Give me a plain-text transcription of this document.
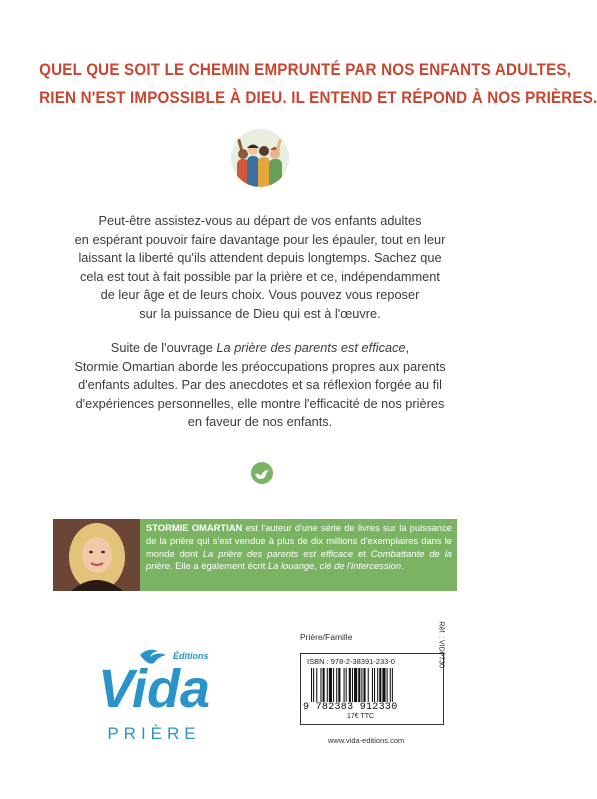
QUEL QUE SOIT LE CHEMIN EMPRUNTÉ PAR NOS ENFANTS ADULTES,
RIEN N'EST IMPOSSIBLE À DIEU. IL ENTEND ET RÉPOND À NOS PRIÈRES.
Peut-être assistez-vous au départ de vos enfants adultes
en espérant pouvoir faire davantage pour les épauler, tout en leur
laissant la liberté qu'ils attendent depuis longtemps. Sachez que
cela est tout à fait possible par la prière et ce, indépendamment
de leur âge et de leurs choix. Vous pouvez vous reposer
sur la puissance de Dieu qui est à l'œuvre.
Suite de l'ouvrage La prière des parents est efficace,
Stormie Omartian aborde les préoccupations propres aux parents
d'enfants adultes. Par des anecdotes et sa réflexion forgée au fil
d'expériences personnelles, elle montre l'efficacité de nos prières
en faveur de nos enfants.
STORMIE OMARTIAN est l'auteur d'une série de livres sur la puissance de la prière qui s'est vendue à plus de dix millions d'exemplaires dans le monde dont La prière des parents est efficace et Combattante de la prière. Elle a également écrit La louange, clé de l'intercession.
Éditions
Vida
PRIÈRE
Prière/Famille
ISBN : 978-2-38391-233-0	Réf. : VIDP730
9 782383 912330
17€ TTC
www.vida-editions.com
